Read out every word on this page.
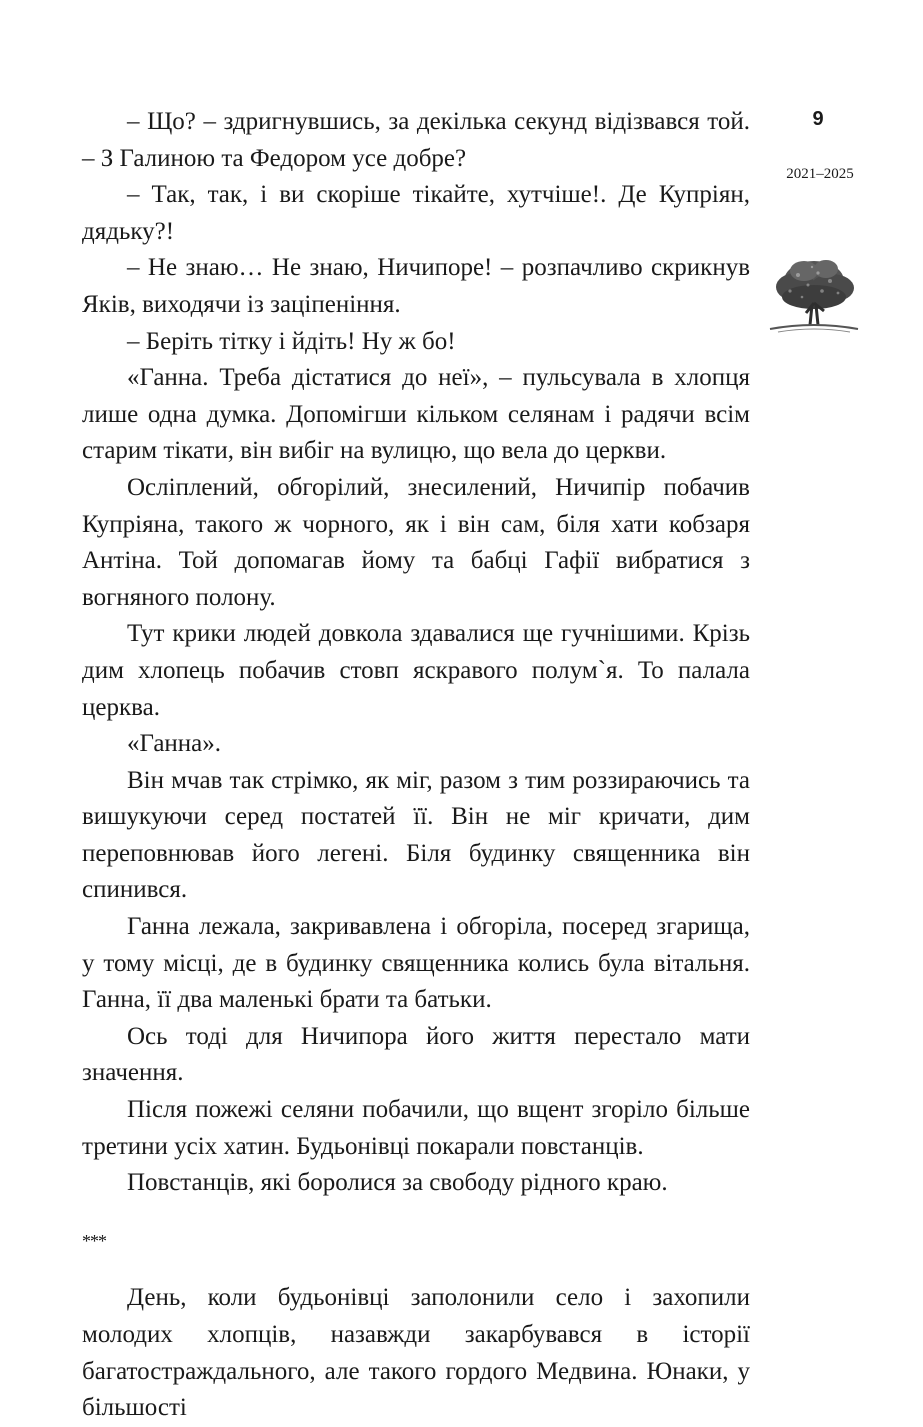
– Що? – здригнувшись, за декілька секунд відізвався той. – З Галиною та Федором усе добре?

– Так, так, і ви скоріше тікайте, хутчіше!. Де Купріян, дядьку?!

– Не знаю… Не знаю, Ничипоре! – розпачливо скрикнув Яків, виходячи із заціпеніння.

– Беріть тітку і йдіть! Ну ж бо!

«Ганна. Треба дістатися до неї», – пульсувала в хлопця лише одна думка. Допомігши кільком селянам і радячи всім старим тікати, він вибіг на вулицю, що вела до церкви.

Осліплений, обгорілий, знесилений, Ничипір побачив Купріяна, такого ж чорного, як і він сам, біля хати кобзаря Антіна. Той допомагав йому та бабці Гафії вибратися з вогняного полону.

Тут крики людей довкола здавалися ще гучнішими. Крізь дим хлопець побачив стовп яскравого полум`я. То палала церква.

«Ганна».

Він мчав так стрімко, як міг, разом з тим роззираючись та вишукуючи серед постатей її. Він не міг кричати, дим переповнював його легені. Біля будинку священника він спинився.

Ганна лежала, закривавлена і обгоріла, посеред згарища, у тому місці, де в будинку священника колись була вітальня. Ганна, її два маленькі брати та батьки.

Ось тоді для Ничипора його життя перестало мати значення.

Після пожежі селяни побачили, що вщент згоріло більше третини усіх хатин. Будьонівці покарали повстанців.

Повстанців, які боролися за свободу рідного краю.

***

День, коли будьонівці заполонили село і захопили молодих хлопців, назавжди закарбувався в історії багатостраждального, але такого гордого Медвина. Юнаки, у більшості

9
2021–2025
